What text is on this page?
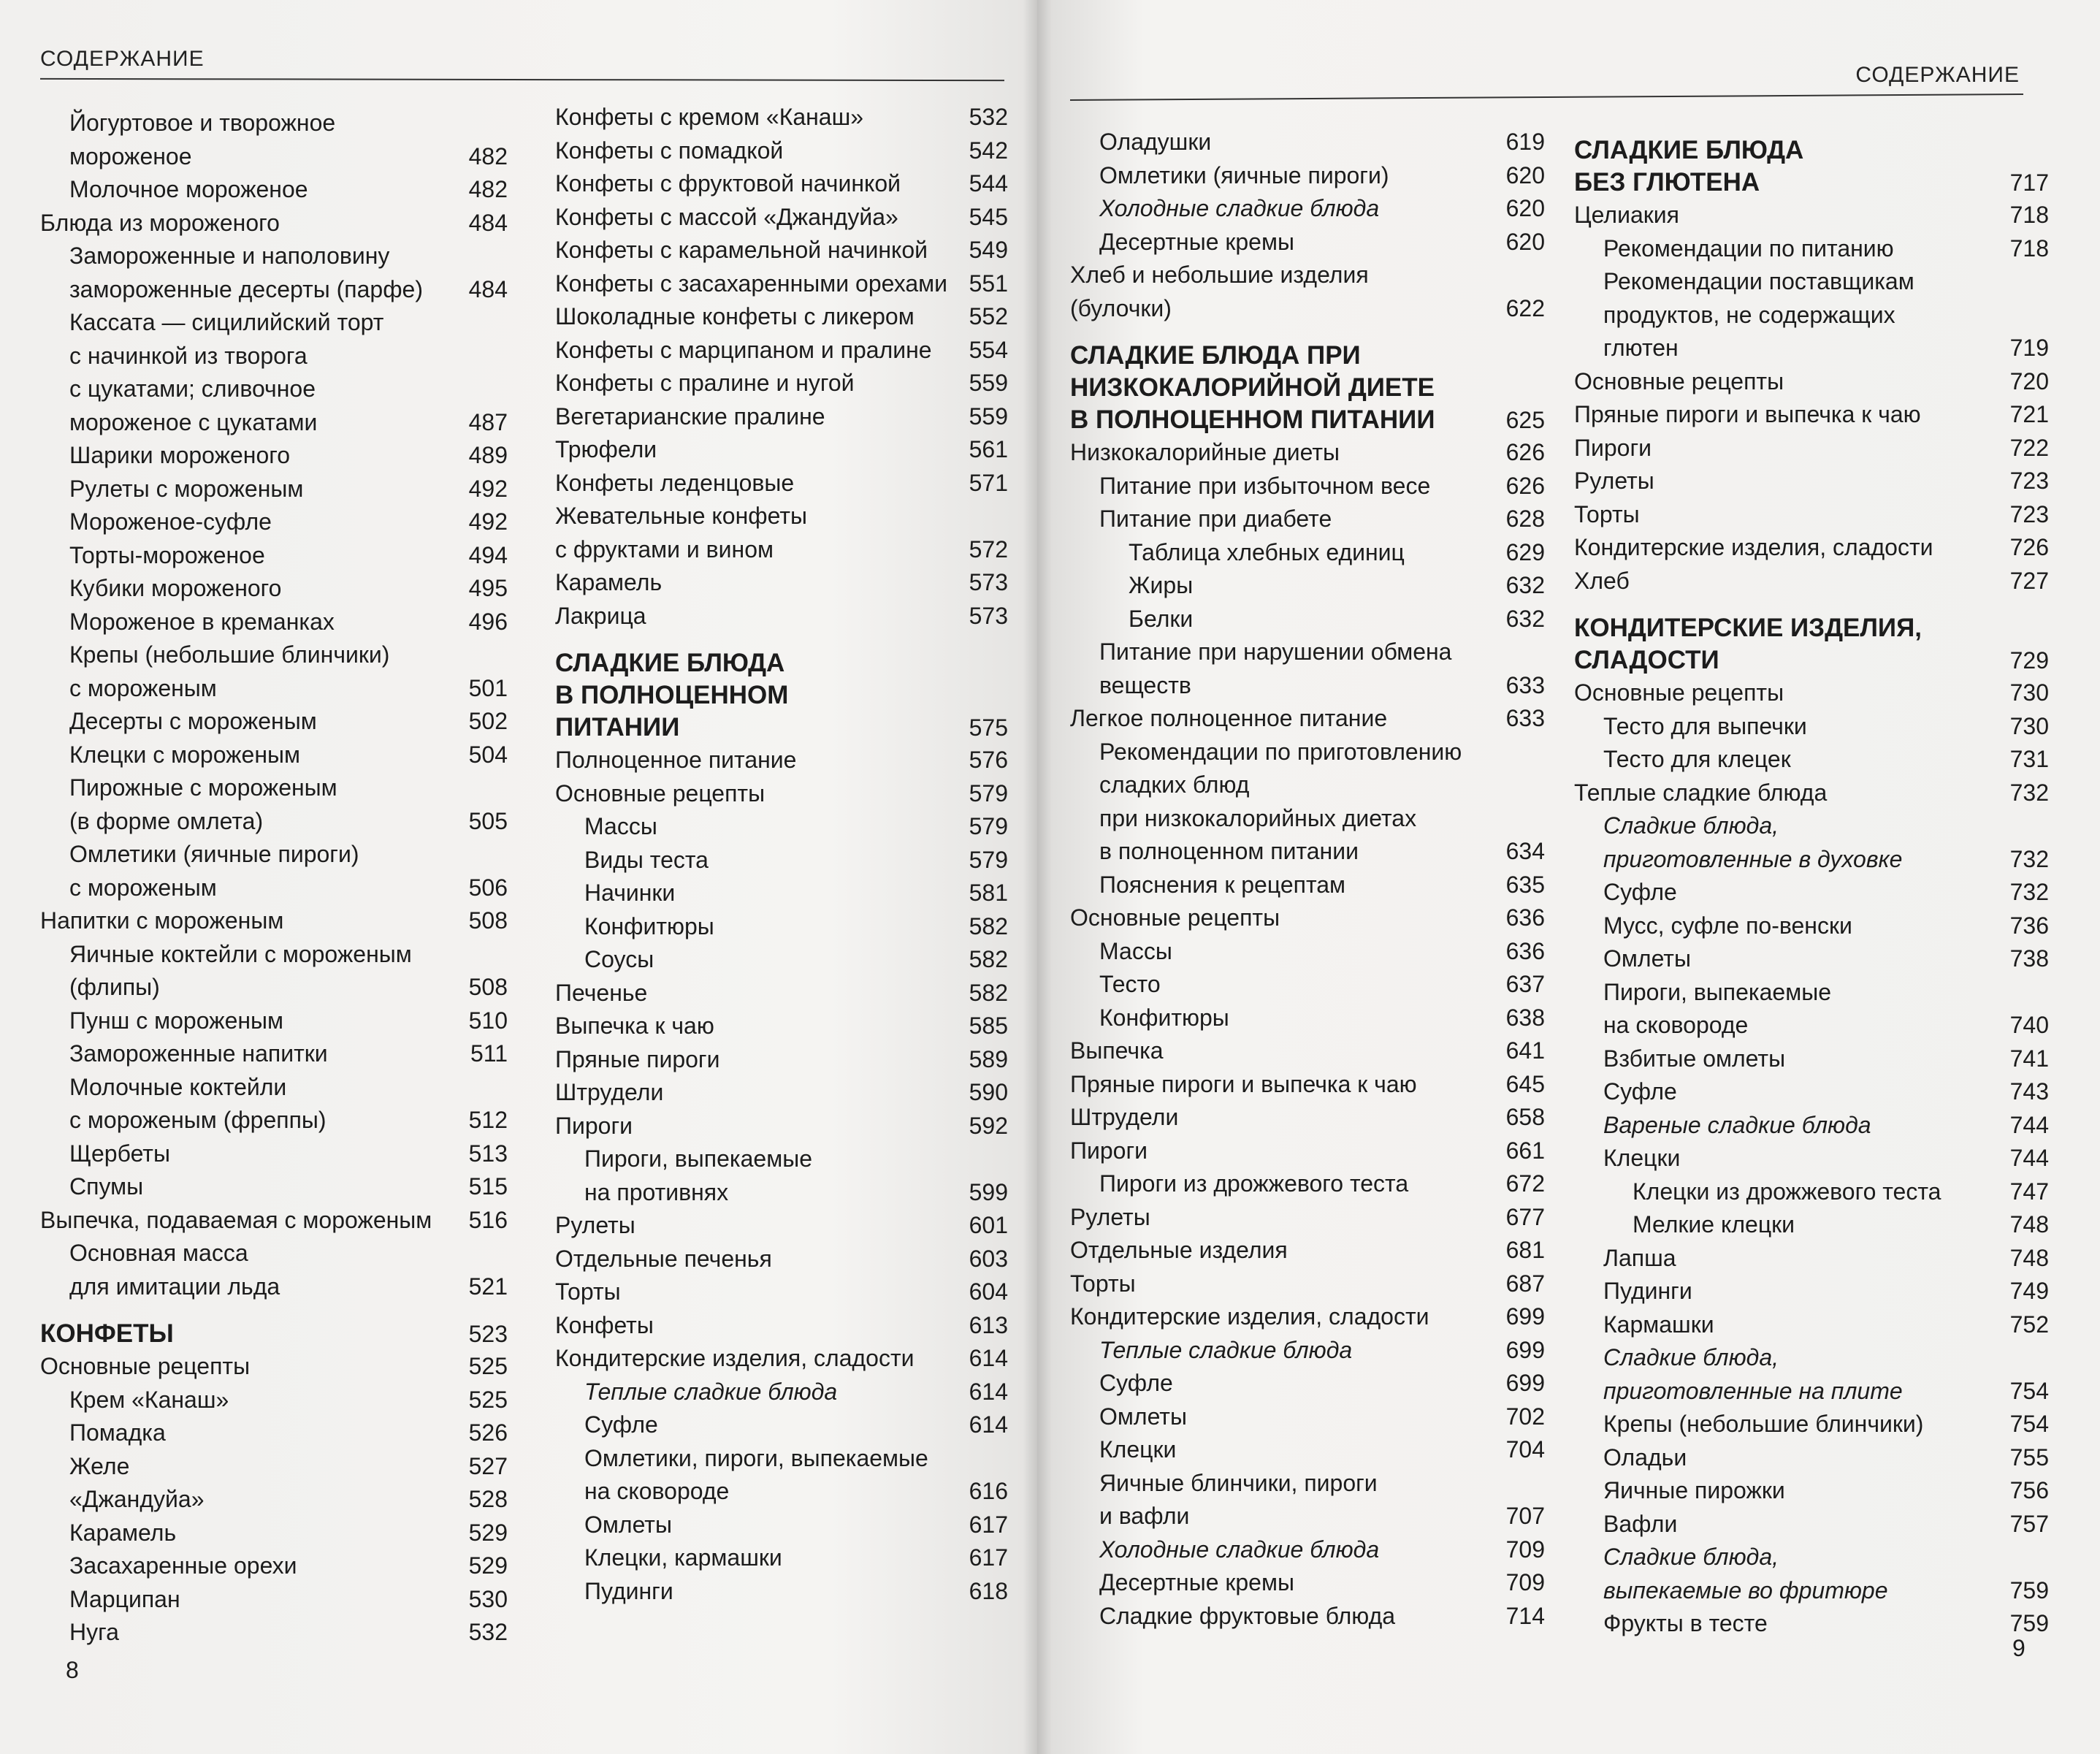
СОДЕРЖАНИЕ
Йогуртовое и творожное мороженое	482
Молочное мороженое	482
Блюда из мороженого	484
Замороженные и наполовину
замороженные десерты (парфе)	484
Кассата — сицилийский торт
с начинкой из творога
с цукатами; сливочное
мороженое с цукатами	487
Шарики мороженого	489
Рулеты с мороженым	492
Мороженое-суфле	492
Торты-мороженое	494
Кубики мороженого	495
Мороженое в креманках	496
Крепы (небольшие блинчики)
с мороженым	501
Десерты с мороженым	502
Клецки с мороженым	504
Пирожные с мороженым
(в форме омлета)	505
Омлетики (яичные пироги)
с мороженым	506
Напитки с мороженым	508
Яичные коктейли с мороженым
(флипы)	508
Пунш с мороженым	510
Замороженные напитки	511
Молочные коктейли
с мороженым (фреппы)	512
Щербеты	513
Спумы	515
Выпечка, подаваемая с мороженым	516
Основная масса
для имитации льда	521
КОНФЕТЫ	523
Основные рецепты	525
Крем «Канаш»	525
Помадка	526
Желе	527
«Джандуйа»	528
Карамель	529
Засахаренные орехи	529
Марципан	530
Нуга	532
Конфеты с кремом «Канаш»	532
Конфеты с помадкой	542
Конфеты с фруктовой начинкой	544
Конфеты с массой «Джандуйа»	545
Конфеты с карамельной начинкой	549
Конфеты с засахаренными орехами 551
Шоколадные конфеты с ликером	552
Конфеты с марципаном и пралине	554
Конфеты с пралине и нугой	559
Вегетарианские пралине	559
Трюфели	561
Конфеты леденцовые	571
Жевательные конфеты
с фруктами и вином	572
Карамель	573
Лакрица	573
СЛАДКИЕ БЛЮДА
В ПОЛНОЦЕННОМ
ПИТАНИИ	575
Полноценное питание	576
Основные рецепты	579
Массы	579
Виды теста	579
Начинки	581
Конфитюры	582
Соусы	582
Печенье	582
Выпечка к чаю	585
Пряные пироги	589
Штрудели	590
Пироги	592
Пироги, выпекаемые
на противнях	599
Рулеты	601
Отдельные печенья	603
Торты	604
Конфеты	613
Кондитерские изделия, сладости	614
Теплые сладкие блюда	614
Суфле	614
Омлетики, пироги, выпекаемые
на сковороде	616
Омлеты	617
Клецки, кармашки	617
Пудинги	618
8
СОДЕРЖАНИЕ
Оладушки	619
Омлетики (яичные пироги)	620
Холодные сладкие блюда	620
Десертные кремы	620
Хлеб и небольшие изделия
(булочки)	622
СЛАДКИЕ БЛЮДА ПРИ
НИЗКОКАЛОРИЙНОЙ ДИЕТЕ
В ПОЛНОЦЕННОМ ПИТАНИИ	625
Низкокалорийные диеты	626
Питание при избыточном весе	626
Питание при диабете	628
Таблица хлебных единиц	629
Жиры	632
Белки	632
Питание при нарушении обмена
веществ	633
Легкое полноценное питание	633
Рекомендации по приготовлению
сладких блюд
при низкокалорийных диетах
в полноценном питании	634
Пояснения к рецептам	635
Основные рецепты	636
Массы	636
Тесто	637
Конфитюры	638
Выпечка	641
Пряные пироги и выпечка к чаю	645
Штрудели	658
Пироги	661
Пироги из дрожжевого теста	672
Рулеты	677
Отдельные изделия	681
Торты	687
Кондитерские изделия, сладости	699
Теплые сладкие блюда	699
Суфле	699
Омлеты	702
Клецки	704
Яичные блинчики, пироги
и вафли	707
Холодные сладкие блюда	709
Десертные кремы	709
Сладкие фруктовые блюда	714
СЛАДКИЕ БЛЮДА
БЕЗ ГЛЮТЕНА	717
Целиакия	718
Рекомендации по питанию	718
Рекомендации поставщикам
продуктов, не содержащих
глютен	719
Основные рецепты	720
Пряные пироги и выпечка к чаю	721
Пироги	722
Рулеты	723
Торты	723
Кондитерские изделия, сладости	726
Хлеб	727
КОНДИТЕРСКИЕ ИЗДЕЛИЯ,
СЛАДОСТИ	729
Основные рецепты	730
Тесто для выпечки	730
Тесто для клецек	731
Теплые сладкие блюда	732
Сладкие блюда,
приготовленные в духовке	732
Суфле	732
Мусс, суфле по-венски	736
Омлеты	738
Пироги, выпекаемые
на сковороде	740
Взбитые омлеты	741
Суфле	743
Вареные сладкие блюда	744
Клецки	744
Клецки из дрожжевого теста	747
Мелкие клецки	748
Лапша	748
Пудинги	749
Кармашки	752
Сладкие блюда,
приготовленные на плите	754
Крепы (небольшие блинчики)	754
Оладьи	755
Яичные пирожки	756
Вафли	757
Сладкие блюда,
выпекаемые во фритюре	759
Фрукты в тесте	759
9
